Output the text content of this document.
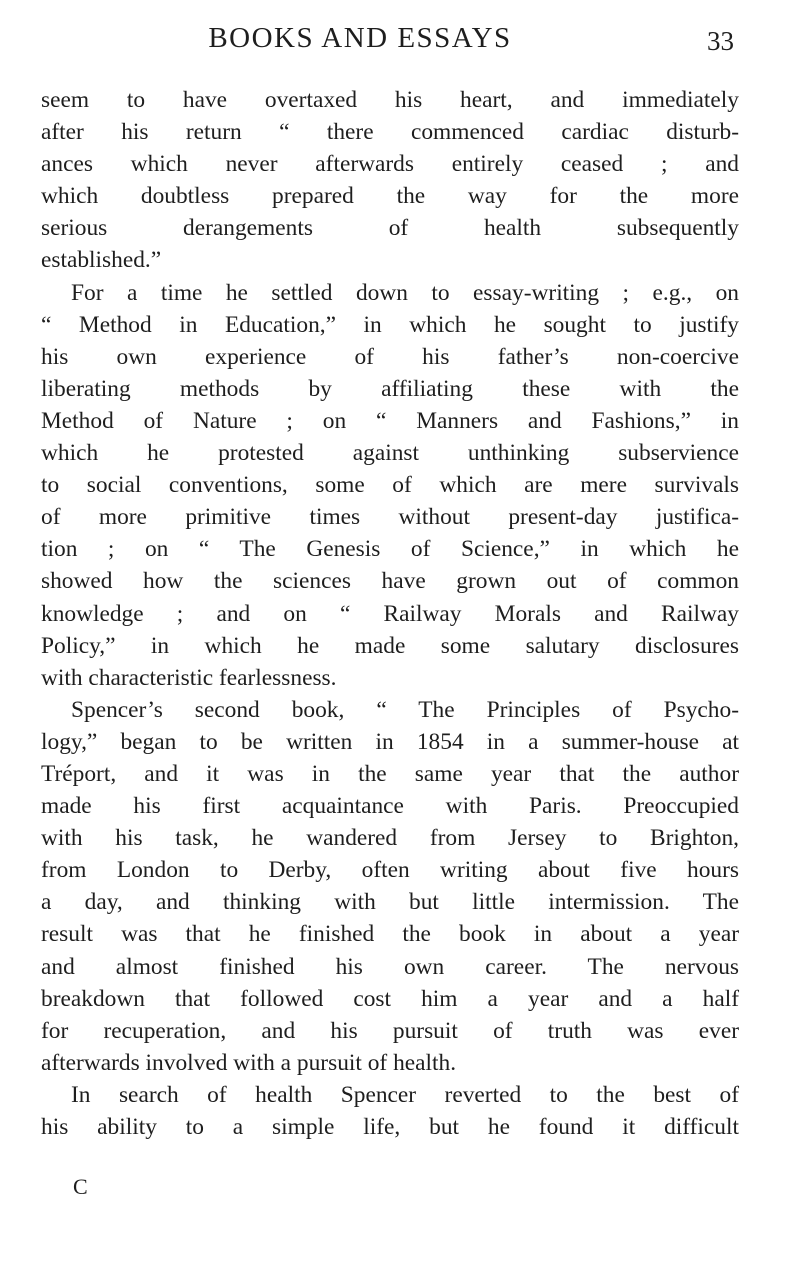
BOOKS AND ESSAYS	33
seem to have overtaxed his heart, and immediately
after his return “ there commenced cardiac disturb-
ances which never afterwards entirely ceased ; and
which doubtless prepared the way for the more
serious derangements of health subsequently
established.”
For a time he settled down to essay-writing ; e.g., on
“ Method in Education,” in which he sought to justify
his own experience of his father’s non-coercive
liberating methods by affiliating these with the
Method of Nature ; on “ Manners and Fashions,” in
which he protested against unthinking subservience
to social conventions, some of which are mere survivals
of more primitive times without present-day justifica-
tion ; on “ The Genesis of Science,” in which he
showed how the sciences have grown out of common
knowledge ; and on “ Railway Morals and Railway
Policy,” in which he made some salutary disclosures
with characteristic fearlessness.
Spencer’s second book, “ The Principles of Psycho-
logy,” began to be written in 1854 in a summer-house at
Tréport, and it was in the same year that the author
made his first acquaintance with Paris. Preoccupied
with his task, he wandered from Jersey to Brighton,
from London to Derby, often writing about five hours
a day, and thinking with but little intermission. The
result was that he finished the book in about a year
and almost finished his own career. The nervous
breakdown that followed cost him a year and a half
for recuperation, and his pursuit of truth was ever
afterwards involved with a pursuit of health.
In search of health Spencer reverted to the best of
his ability to a simple life, but he found it difficult
C
